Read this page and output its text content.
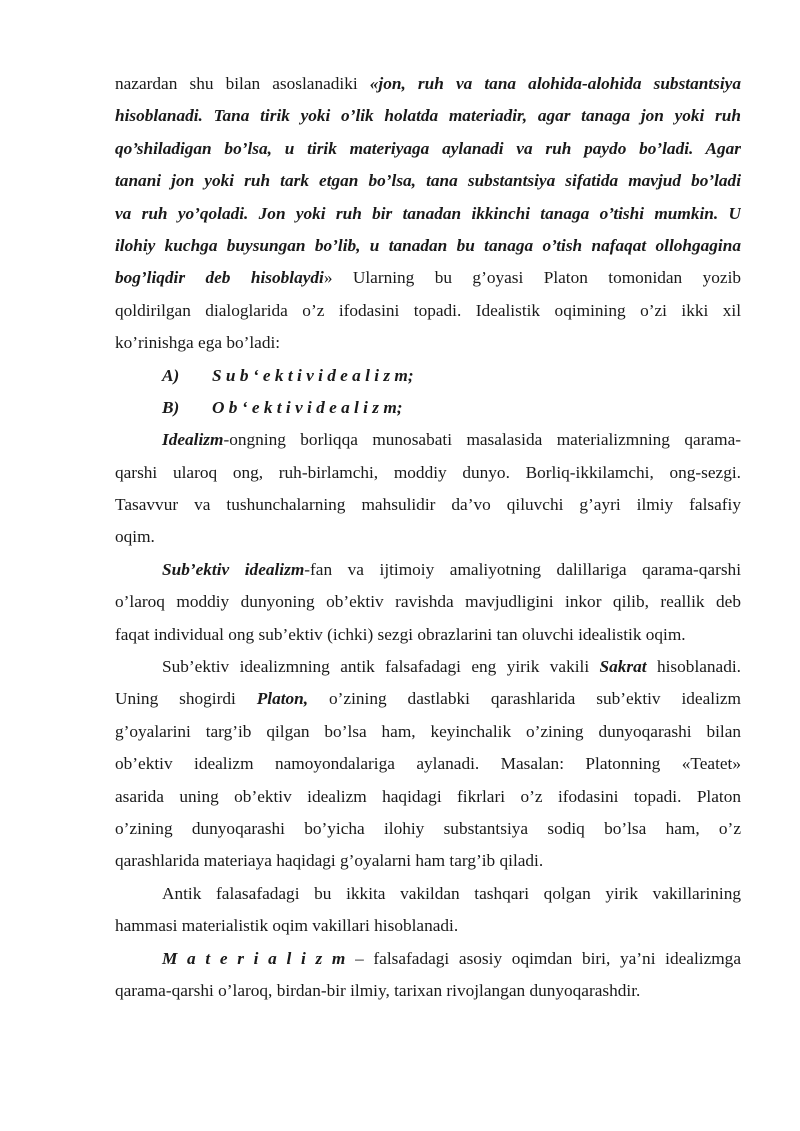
nazardan shu bilan asoslanadiki «jon, ruh va tana alohida-alohida substantsiya
hisoblanadi. Tana tirik yoki o’lik holatda materiadir, agar tanaga jon yoki ruh
qo’shiladigan bo’lsa, u tirik materiyaga aylanadi va ruh paydo bo’ladi. Agar
tanani jon yoki ruh tark etgan bo’lsa, tana substantsiya sifatida mavjud bo’ladi
va ruh yo’qoladi. Jon yoki ruh bir tanadan ikkinchi tanaga o’tishi mumkin. U
ilohiy kuchga buysungan bo’lib, u tanadan bu tanaga o’tish nafaqat ollohgagina
bog’liqdir deb hisoblaydi» Ularning bu g’oyasi Platon tomonidan yozib
qoldirilgan dialoglarida o’z ifodasini topadi. Idealistik oqimining o’zi ikki xil
ko’rinishga ega bo’ladi:
A) S u b ‘ e k t i v i d e a l i z m;
B) O b ‘ e k t i v i d e a l i z m;
Idealizm-ongning borliqqa munosabati masalasida materializmning qarama-
qarshi ularoq ong, ruh-birlamchi, moddiy dunyo. Borliq-ikkilamchi, ong-sezgi.
Tasavvur va tushunchalarning mahsulidir da’vo qiluvchi g’ayri ilmiy falsafiy
oqim.
Sub’ektiv idealizm-fan va ijtimoiy amaliyotning dalillariga qarama-qarshi
o’laroq moddiy dunyoning ob’ektiv ravishda mavjudligini inkor qilib, reallik deb
faqat individual ong sub’ektiv (ichki) sezgi obrazlarini tan oluvchi idealistik oqim.
Sub’ektiv idealizmning antik falsafadagi eng yirik vakili Sakrat hisoblanadi.
Uning shogirdi Platon, o’zining dastlabki qarashlarida sub’ektiv idealizm
g’oyalarini targ’ib qilgan bo’lsa ham, keyinchalik o’zining dunyoqarashi bilan
ob’ektiv idealizm namoyondalariga aylanadi. Masalan: Platonning «Teatet»
asarida uning ob’ektiv idealizm haqidagi fikrlari o’z ifodasini topadi. Platon
o’zining dunyoqarashi bo’yicha ilohiy substantsiya sodiq bo’lsa ham, o’z
qarashlarida materiaya haqidagi g’oyalarni ham targ’ib qiladi.
Antik falasafadagi bu ikkita vakildan tashqari qolgan yirik vakillarining
hammasi materialistik oqim vakillari hisoblanadi.
M a t e r i a l i z m – falsafadagi asosiy oqimdan biri, ya’ni idealizmga
qarama-qarshi o’laroq, birdan-bir ilmiy, tarixan rivojlangan dunyoqarashdir.
